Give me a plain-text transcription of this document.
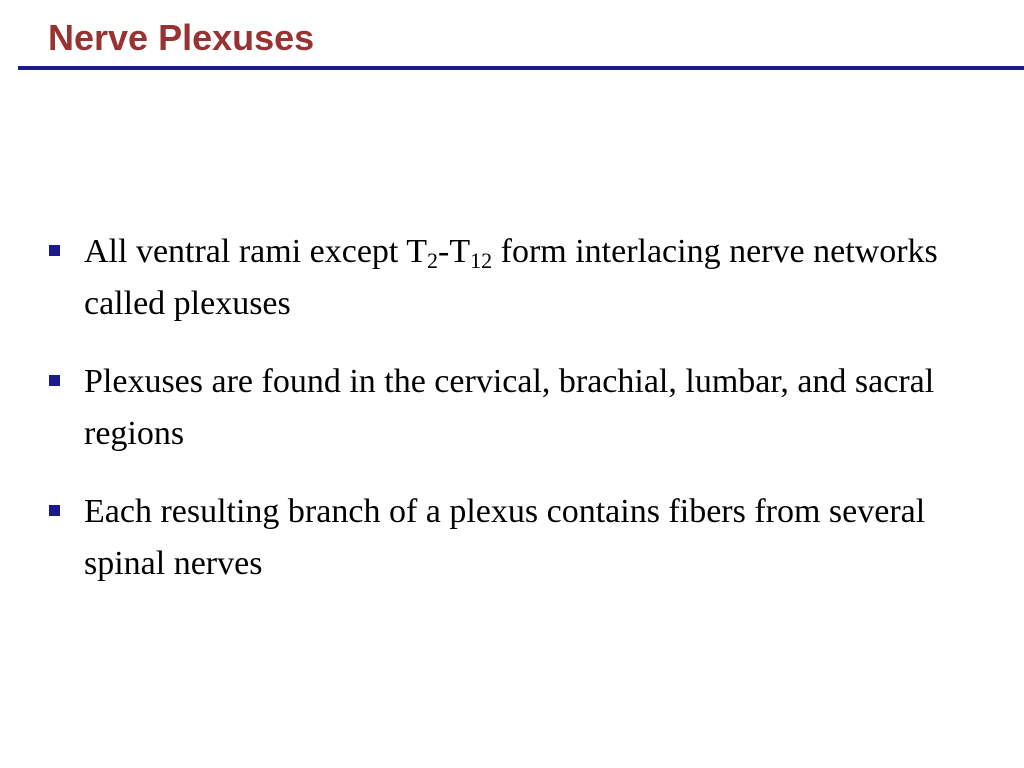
Nerve Plexuses
All ventral rami except $T_2-T_{12}$ form interlacing nerve networks called plexuses
Plexuses are found in the cervical, brachial, lumbar, and sacral regions
Each resulting branch of a plexus contains fibers from several spinal nerves
